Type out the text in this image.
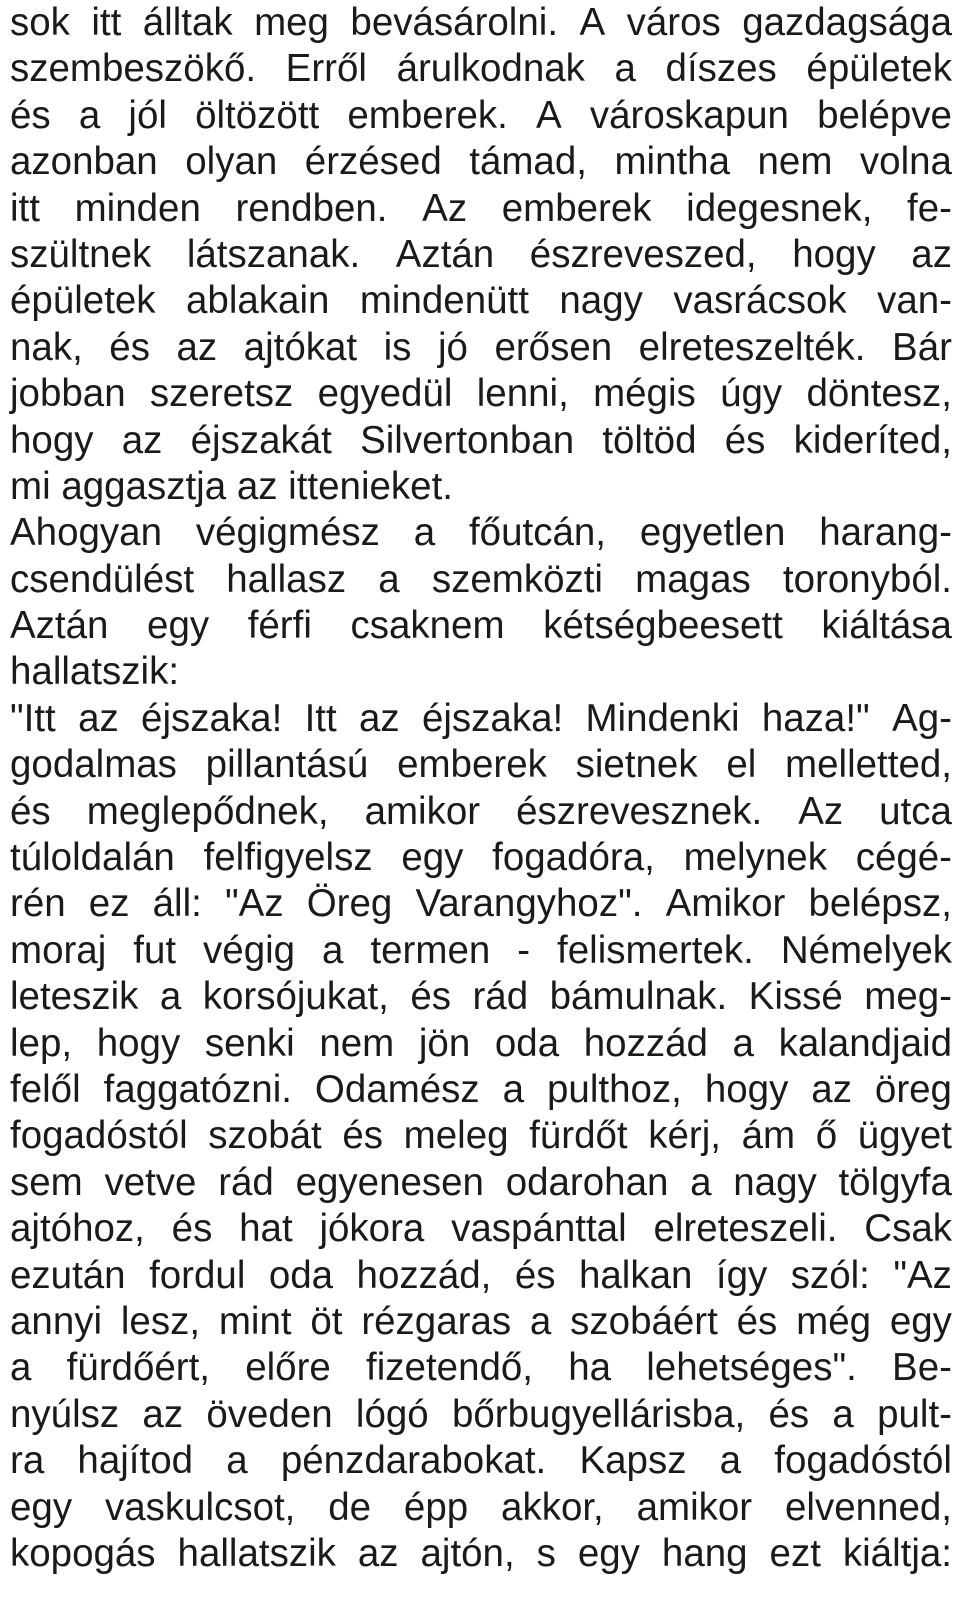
sok itt álltak meg bevásárolni. A város gazdagsága
szembeszökő. Erről árulkodnak a díszes épületek
és a jól öltözött emberek. A városkapun belépve
azonban olyan érzésed támad, mintha nem volna
itt minden rendben. Az emberek idegesnek, fe-
szültnek látszanak. Aztán észreveszed, hogy az
épületek ablakain mindenütt nagy vasrácsok van-
nak, és az ajtókat is jó erősen elreteszelték. Bár
jobban szeretsz egyedül lenni, mégis úgy döntesz,
hogy az éjszakát Silvertonban töltöd és kideríted,
mi aggasztja az ittenieket.
Ahogyan végigmész a főutcán, egyetlen harang-
csendülést hallasz a szemközti magas toronyból.
Aztán egy férfi csaknem kétségbeesett kiáltása
hallatszik:
"Itt az éjszaka! Itt az éjszaka! Mindenki haza!" Ag-
godalmas pillantású emberek sietnek el melletted,
és meglepődnek, amikor észrevesznek. Az utca
túloldalán felfigyelsz egy fogadóra, melynek cégé-
rén ez áll: "Az Öreg Varangyhoz". Amikor belépsz,
moraj fut végig a termen - felismertek. Némelyek
leteszik a korsójukat, és rád bámulnak. Kissé meg-
lep, hogy senki nem jön oda hozzád a kalandjaid
felől faggatózni. Odamész a pulthoz, hogy az öreg
fogadóstól szobát és meleg fürdőt kérj, ám ő ügyet
sem vetve rád egyenesen odarohan a nagy tölgyfa
ajtóhoz, és hat jókora vaspánttal elreteszeli. Csak
ezután fordul oda hozzád, és halkan így szól: "Az
annyi lesz, mint öt rézgaras a szobáért és még egy
a fürdőért, előre fizetendő, ha lehetséges". Be-
nyúlsz az öveden lógó bőrbugyellárisba, és a pult-
ra hajítod a pénzdarabokat. Kapsz a fogadóstól
egy vaskulcsot, de épp akkor, amikor elvenned,
kopogás hallatszik az ajtón, s egy hang ezt kiáltja:
